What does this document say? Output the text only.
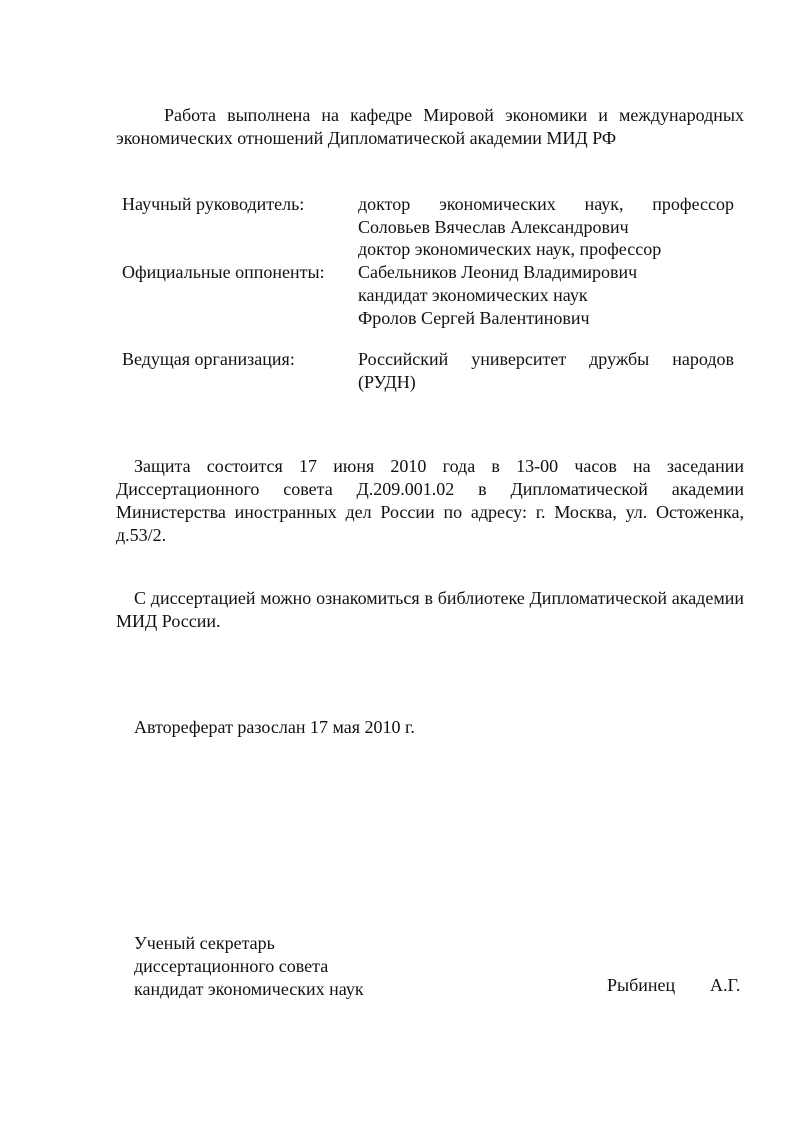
Работа выполнена на кафедре Мировой экономики и международных экономических отношений Дипломатической академии МИД РФ

Научный руководитель:	доктор экономических наук, профессор
Соловьев Вячеслав Александрович

Официальные оппоненты:

доктор экономических наук, профессор
Сабельников Леонид Владимирович
кандидат экономических наук
Фролов Сергей Валентинович

Ведущая организация:	Российский университет дружбы народов
(РУДН)

Защита состоится 17 июня 2010 года в 13-00 часов на заседании Диссертационного совета Д.209.001.02 в Дипломатической академии Министерства иностранных дел России по адресу: г. Москва, ул. Остоженка, д.53/2.

С диссертацией можно ознакомиться в библиотеке Дипломатической академии МИД России.

Автореферат разослан 17 мая 2010 г.

Ученый секретарь
диссертационного совета
кандидат экономических наук	Рыбинец А.Г.
